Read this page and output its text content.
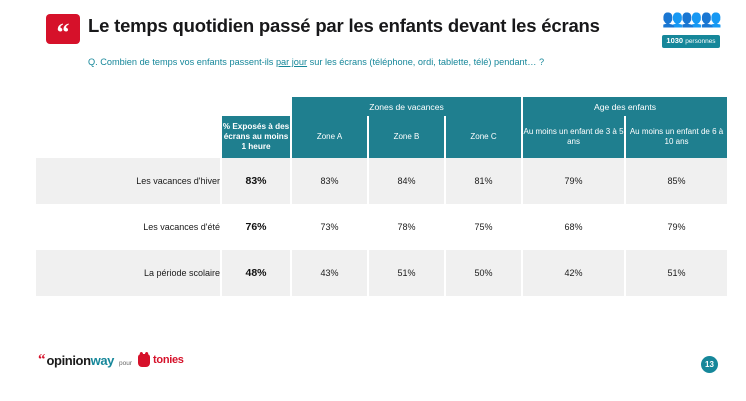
“	Le temps quotidien passé par les enfants devant les écrans	👥👥👥
1030 personnes
Q. Combien de temps vos enfants passent-ils par jour sur les écrans (téléphone, ordi, tablette, télé) pendant… ?
		Zones de vacances			Age des enfants	
	% Exposés à des écrans au moins 1 heure	Zone A	Zone B	Zone C	Au moins un enfant de 3 à 5 ans	Au moins un enfant de 6 à 10 ans
Les vacances d'hiver	83%	83%	84%	81%	79%	85%
Les vacances d'été	76%	73%	78%	75%	68%	79%
La période scolaire	48%	43%	51%	50%	42%	51%
“ opinion way pour tonies	13
